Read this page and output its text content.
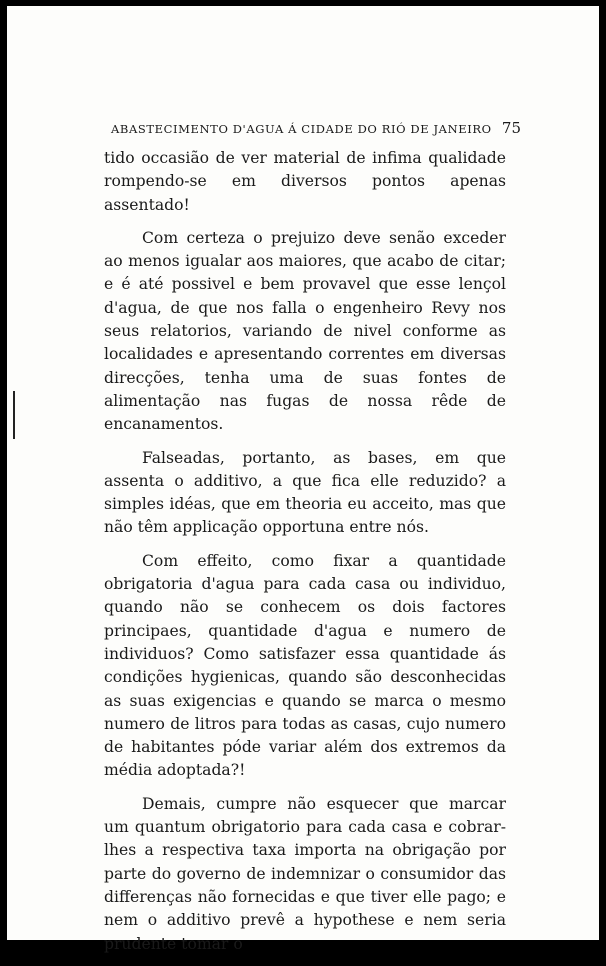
ABASTECIMENTO D'AGUA Á CIDADE DO RIÓ DE JANEIRO 75

tido occasião de ver material de infima qualidade rompendo-se em diversos pontos apenas assentado!

Com certeza o prejuizo deve senão exceder ao menos igualar aos maiores, que acabo de citar; e é até possivel e bem provavel que esse lençol d'agua, de que nos falla o engenheiro Revy nos seus relatorios, variando de nivel conforme as localidades e apresentando correntes em diversas direcções, tenha uma de suas fontes de alimentação nas fugas de nossa rêde de encanamentos.

Falseadas, portanto, as bases, em que assenta o additivo, a que fica elle reduzido? a simples idéas, que em theoria eu acceito, mas que não têm applicação opportuna entre nós.

Com effeito, como fixar a quantidade obrigatoria d'agua para cada casa ou individuo, quando não se conhecem os dois factores principaes, quantidade d'agua e numero de individuos? Como satisfazer essa quantidade ás condições hygienicas, quando são desconhecidas as suas exigencias e quando se marca o mesmo numero de litros para todas as casas, cujo numero de habitantes póde variar além dos extremos da média adoptada?!

Demais, cumpre não esquecer que marcar um quantum obrigatorio para cada casa e cobrar-lhes a respectiva taxa importa na obrigação por parte do governo de indemnizar o consumidor das differenças não fornecidas e que tiver elle pago; e nem o additivo prevê a hypothese e nem seria prudente tomar o
